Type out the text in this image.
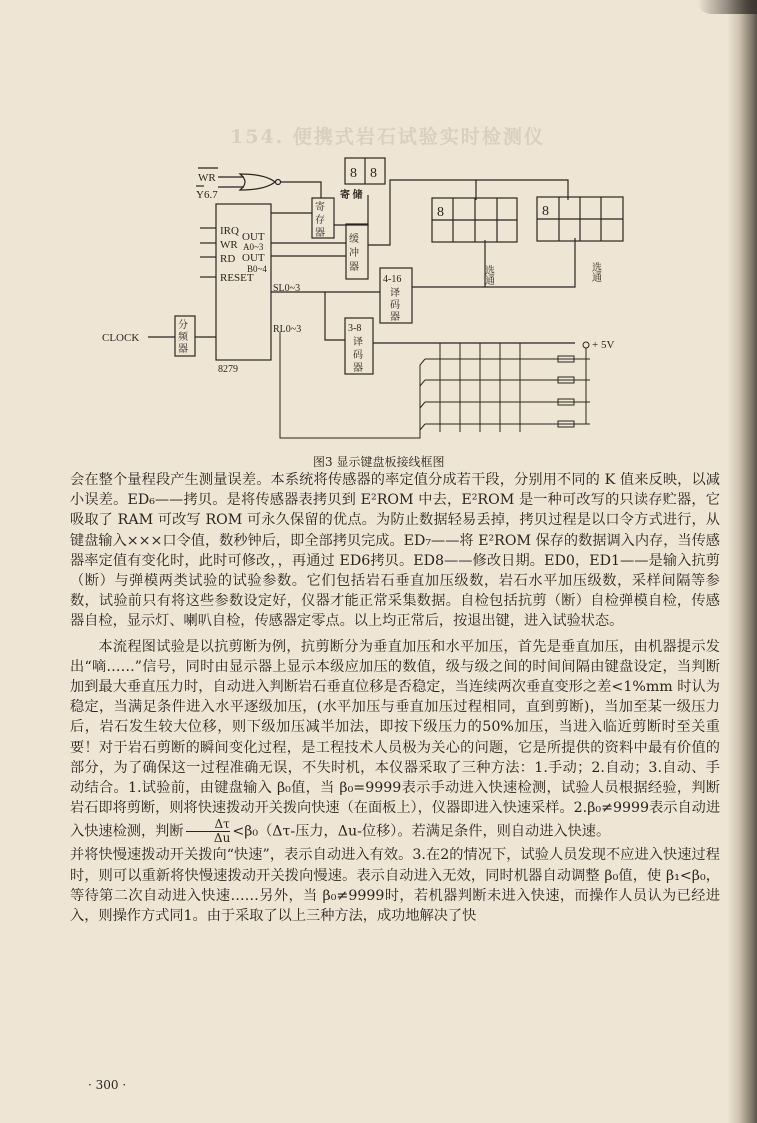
154. 便携式岩石试验实时检测仪
WR
Y6.7
8279
IRQ OUT
WR A0~3
RD OUT
B0~4
RESET
SL0~3
RL0~3
分
频
器
CLOCK
寄
存
器
8 8
寄 储
缓
冲
器
4-16
译
码
器
8
选通
8
选通
3-8
译
码
器
+ 5V
图3 显示键盘板接线框图

会在整个量程段产生测量误差。本系统将传感器的率定值分成若干段，分别用不同的 K 值来反映，以减小误差。ED₆——拷贝。是将传感器表拷贝到 E²ROM 中去，E²ROM 是一种可改写的只读存贮器，它吸取了 RAM 可改写 ROM 可永久保留的优点。为防止数据轻易丢掉，拷贝过程是以口令方式进行，从键盘输入×××口令值，数秒钟后，即全部拷贝完成。ED₇——将 E²ROM 保存的数据调入内存，当传感器率定值有变化时，此时可修改，，再通过 ED6拷贝。ED8——修改日期。ED0，ED1——是输入抗剪（断）与弹模两类试验的试验参数。它们包括岩石垂直加压级数，岩石水平加压级数，采样间隔等参数，试验前只有将这些参数设定好，仪器才能正常采集数据。自检包括抗剪（断）自检弹模自检，传感器自检，显示灯、喇叭自检，传感器定零点。以上均正常后，按退出键，进入试验状态。

本流程图试验是以抗剪断为例，抗剪断分为垂直加压和水平加压，首先是垂直加压，由机器提示发出“嘀……”信号，同时由显示器上显示本级应加压的数值，级与级之间的时间间隔由键盘设定，当判断加到最大垂直压力时，自动进入判断岩石垂直位移是否稳定，当连续两次垂直变形之差<1%mm 时认为稳定，当满足条件进入水平逐级加压，(水平加压与垂直加压过程相同，直到剪断)，当加至某一级压力后，岩石发生较大位移，则下级加压减半加法，即按下级压力的50%加压，当进入临近剪断时至关重要！对于岩石剪断的瞬间变化过程，是工程技术人员极为关心的问题，它是所提供的资料中最有价值的部分，为了确保这一过程准确无误，不失时机，本仪器采取了三种方法：1.手动；2.自动；3.自动、手动结合。1.试验前，由键盘输入 β₀值，当 β₀=9999表示手动进入快速检测，试验人员根据经验，判断岩石即将剪断，则将快速拨动开关拨向快速（在面板上），仪器即进入快速采样。2.β₀≠9999表示自动进入快速检测，判断 $\frac{\Delta\tau}{\Delta u} <\beta_0(\Delta\tau-$压力，Δu-位移）。若满足条件，则自动进入快速。

并将快慢速拨动开关拨向“快速”，表示自动进入有效。3.在2的情况下，试验人员发现不应进入快速过程时，则可以重新将快慢速拨动开关拨向慢速。表示自动进入无效，同时机器自动调整 β₀值，使 β₁<β₀，等待第二次自动进入快速……另外，当 β₀≠9999时，若机器判断未进入快速，而操作人员认为已经进入，则操作方式同1。由于采取了以上三种方法，成功地解决了快

· 300 ·
